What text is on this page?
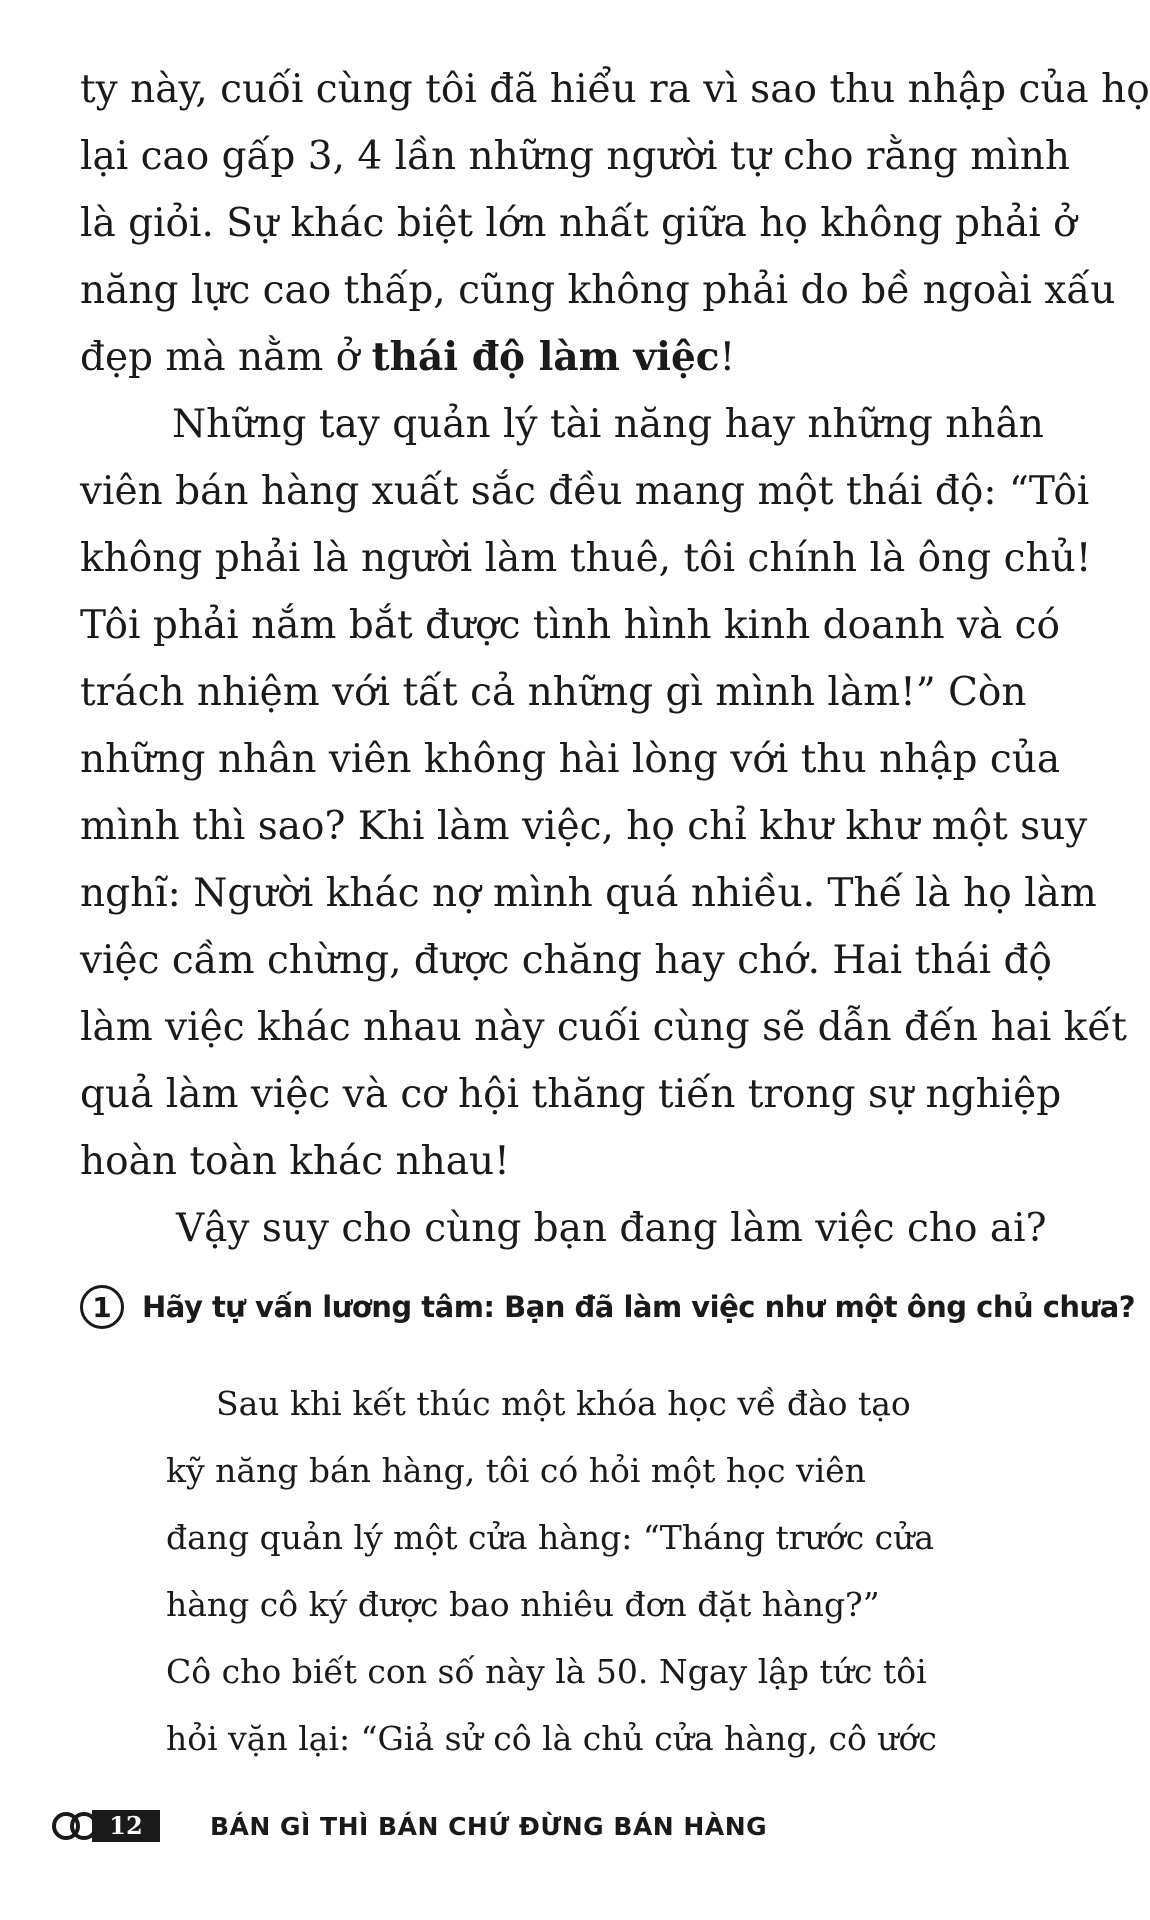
ty này, cuối cùng tôi đã hiểu ra vì sao thu nhập của họ
lại cao gấp 3, 4 lần những người tự cho rằng mình
là giỏi. Sự khác biệt lớn nhất giữa họ không phải ở
năng lực cao thấp, cũng không phải do bề ngoài xấu
đẹp mà nằm ở thái độ làm việc!
Những tay quản lý tài năng hay những nhân
viên bán hàng xuất sắc đều mang một thái độ: “Tôi
không phải là người làm thuê, tôi chính là ông chủ!
Tôi phải nắm bắt được tình hình kinh doanh và có
trách nhiệm với tất cả những gì mình làm!” Còn
những nhân viên không hài lòng với thu nhập của
mình thì sao? Khi làm việc, họ chỉ khư khư một suy
nghĩ: Người khác nợ mình quá nhiều. Thế là họ làm
việc cầm chừng, được chăng hay chớ. Hai thái độ
làm việc khác nhau này cuối cùng sẽ dẫn đến hai kết
quả làm việc và cơ hội thăng tiến trong sự nghiệp
hoàn toàn khác nhau!
Vậy suy cho cùng bạn đang làm việc cho ai?
1	Hãy tự vấn lương tâm: Bạn đã làm việc như một ông chủ chưa?
Sau khi kết thúc một khóa học về đào tạo
kỹ năng bán hàng, tôi có hỏi một học viên
đang quản lý một cửa hàng: “Tháng trước cửa
hàng cô ký được bao nhiêu đơn đặt hàng?”
Cô cho biết con số này là 50. Ngay lập tức tôi
hỏi vặn lại: “Giả sử cô là chủ cửa hàng, cô ước
12	BÁN GÌ THÌ BÁN CHỨ ĐỪNG BÁN HÀNG
